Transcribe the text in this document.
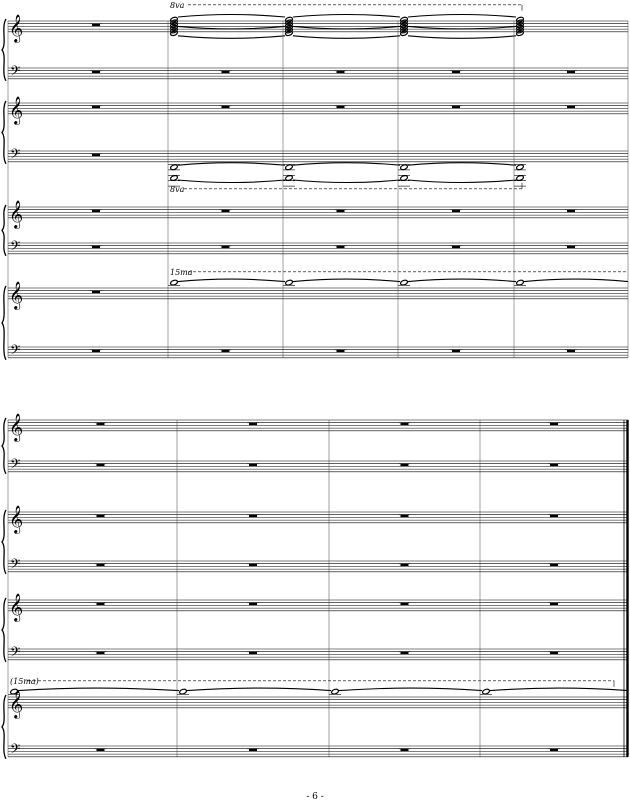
𝄞
8va
𝄢
𝄞
𝄢
8va
𝄞
𝄢
𝄞
15ma
𝄢
𝄞
𝄢
𝄞
𝄢
𝄞
𝄢
𝄞
(15ma)
𝄢
- 6 -
